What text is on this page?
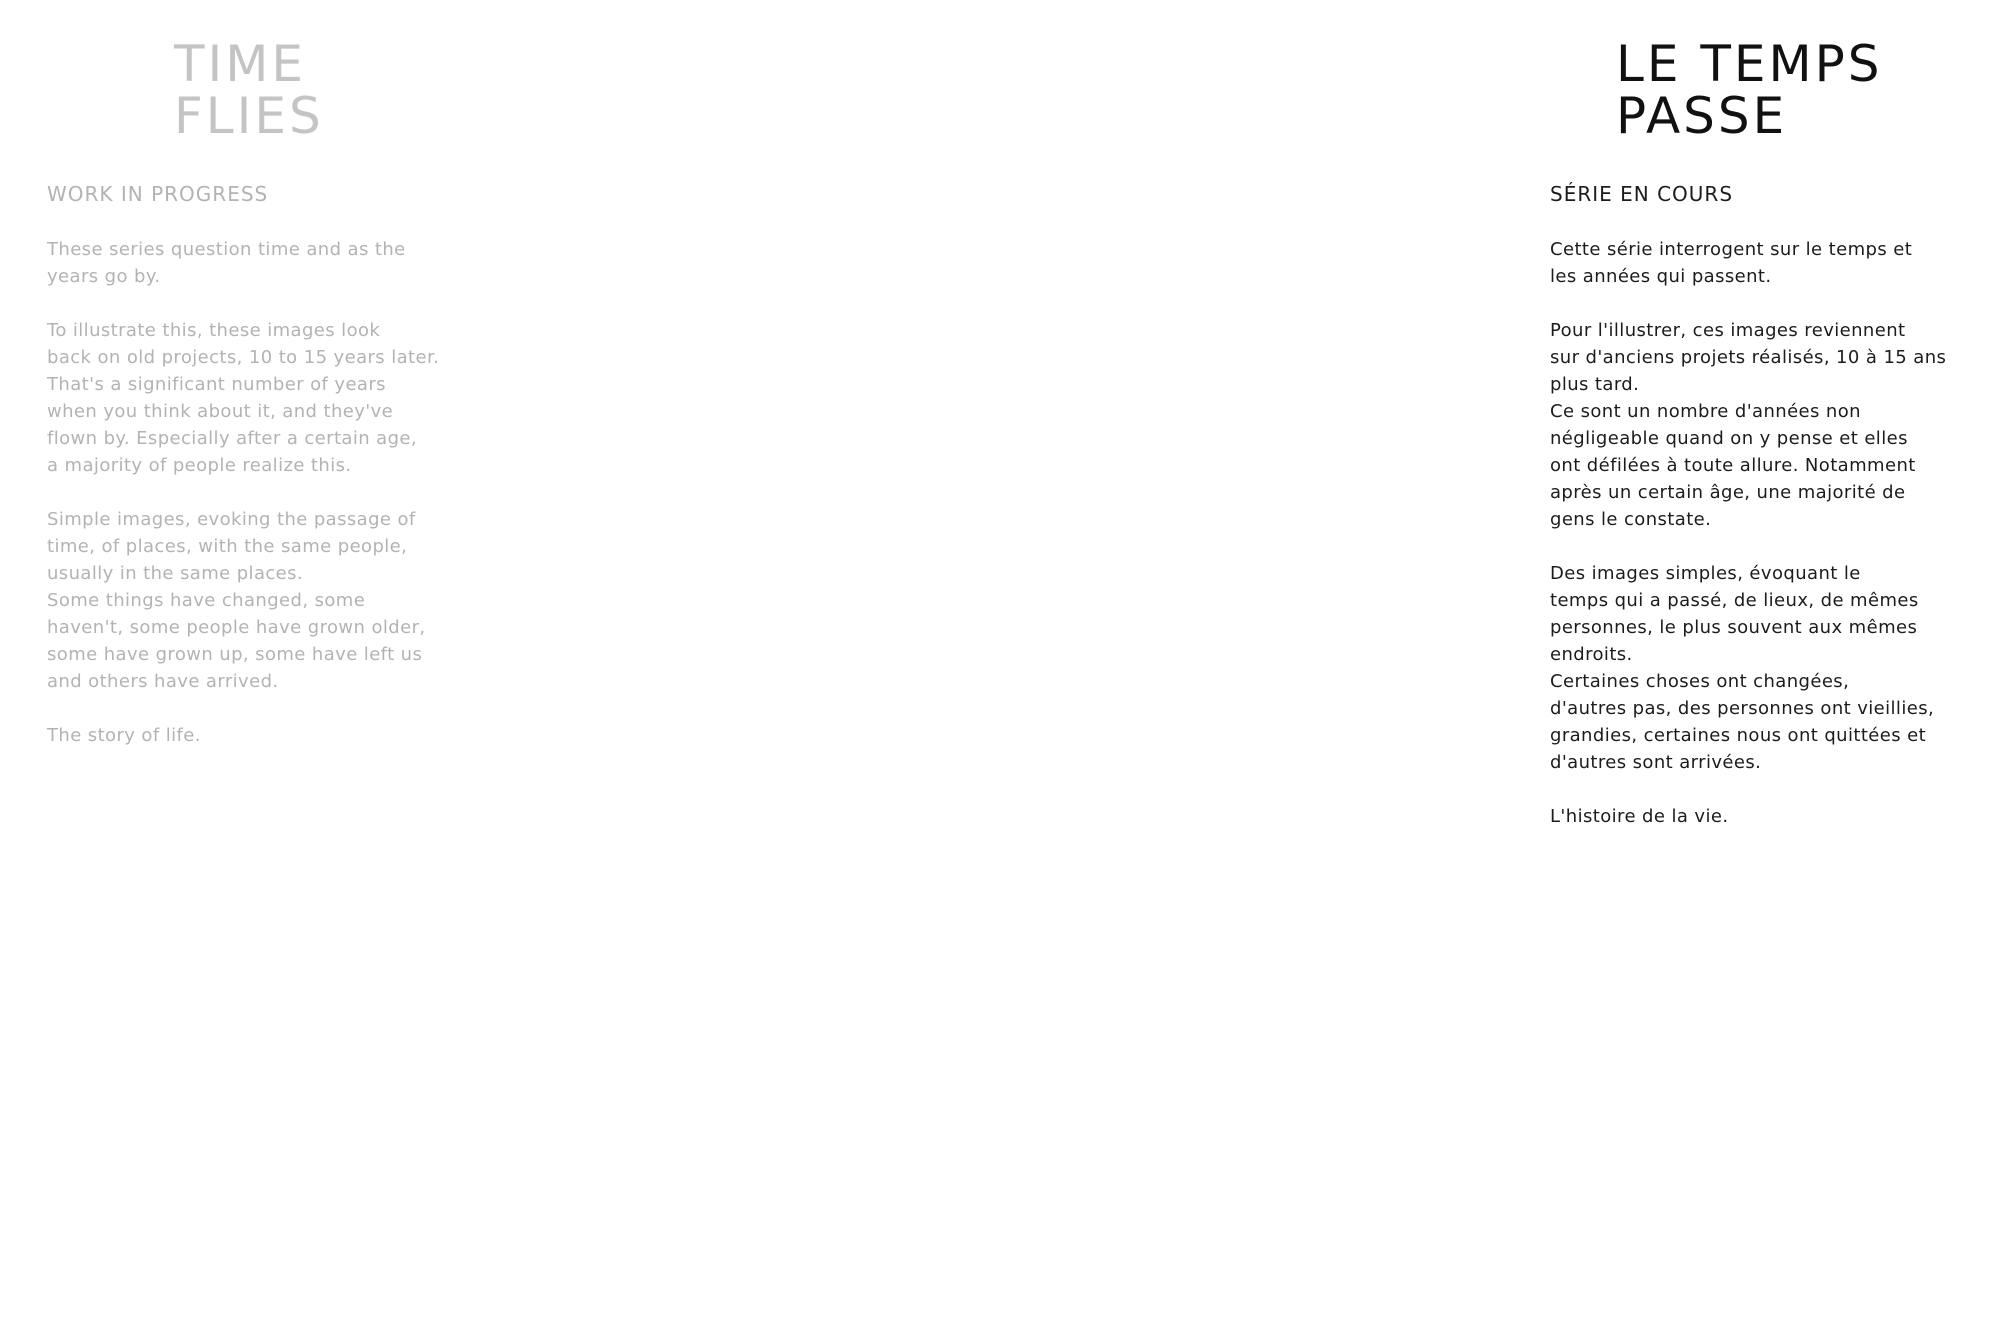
TIME
FLIES
WORK IN PROGRESS

These series question time and as the
years go by.

To illustrate this, these images look
back on old projects, 10 to 15 years later.
That's a significant number of years
when you think about it, and they've
flown by. Especially after a certain age,
a majority of people realize this.

Simple images, evoking the passage of
time, of places, with the same people,
usually in the same places.
Some things have changed, some
haven't, some people have grown older,
some have grown up, some have left us
and others have arrived.

The story of life.

LE TEMPS
PASSE
SÉRIE EN COURS

Cette série interrogent sur le temps et
les années qui passent.

Pour l'illustrer, ces images reviennent
sur d'anciens projets réalisés, 10 à 15 ans
plus tard.
Ce sont un nombre d'années non
négligeable quand on y pense et elles
ont défilées à toute allure. Notamment
après un certain âge, une majorité de
gens le constate.

Des images simples, évoquant le
temps qui a passé, de lieux, de mêmes
personnes, le plus souvent aux mêmes
endroits.
Certaines choses ont changées,
d'autres pas, des personnes ont vieillies,
grandies, certaines nous ont quittées et
d'autres sont arrivées.

L'histoire de la vie.
